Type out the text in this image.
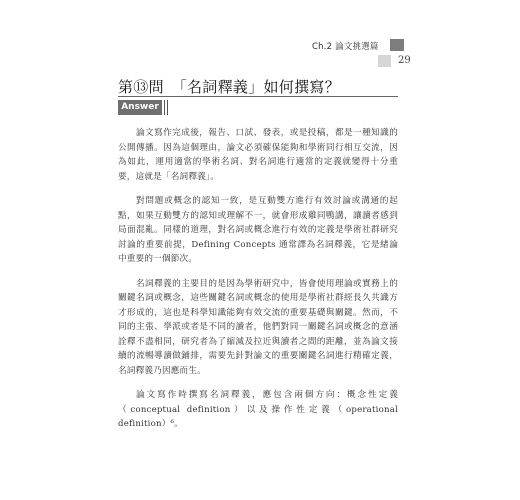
Ch.2 論文挑選篇
29
第⑬問　「名詞釋義」如何撰寫？
Answer

論文寫作完成後，報告、口試、發表，或是投稿，都是一種知識的公開傳播。因為這個理由，論文必須確保能夠和學術同行相互交流，因為如此，運用適當的學術名詞、對名詞進行適當的定義就變得十分重要，這就是「名詞釋義」。

對問題或概念的認知一致，是互動雙方進行有效討論或溝通的起點，如果互動雙方的認知或理解不一，就會形成雞同鴨講，讓讀者感到局面混亂。同樣的道理，對名詞或概念進行有效的定義是學術社群研究討論的重要前提，Defining Concepts 通常譯為名詞釋義，它是緒論中重要的一個節次。

名詞釋義的主要目的是因為學術研究中，皆會使用理論或實務上的關鍵名詞或概念，這些關鍵名詞或概念的使用是學術社群經長久共識方才形成的，這也是科學知識能夠有效交流的重要基礎與關鍵。然而，不同的主張、學派或者是不同的讀者，他們對同一關鍵名詞或概念的意涵詮釋不盡相同，研究者為了縮減及拉近與讀者之間的距離，並為論文接續的流暢導讀做鋪排，需要先針對論文的重要關鍵名詞進行精確定義，名詞釋義乃因應而生。

論文寫作時撰寫名詞釋義，應包含兩個方向：概念性定義（conceptual definition）以及操作性定義（operational definition）⁶。
